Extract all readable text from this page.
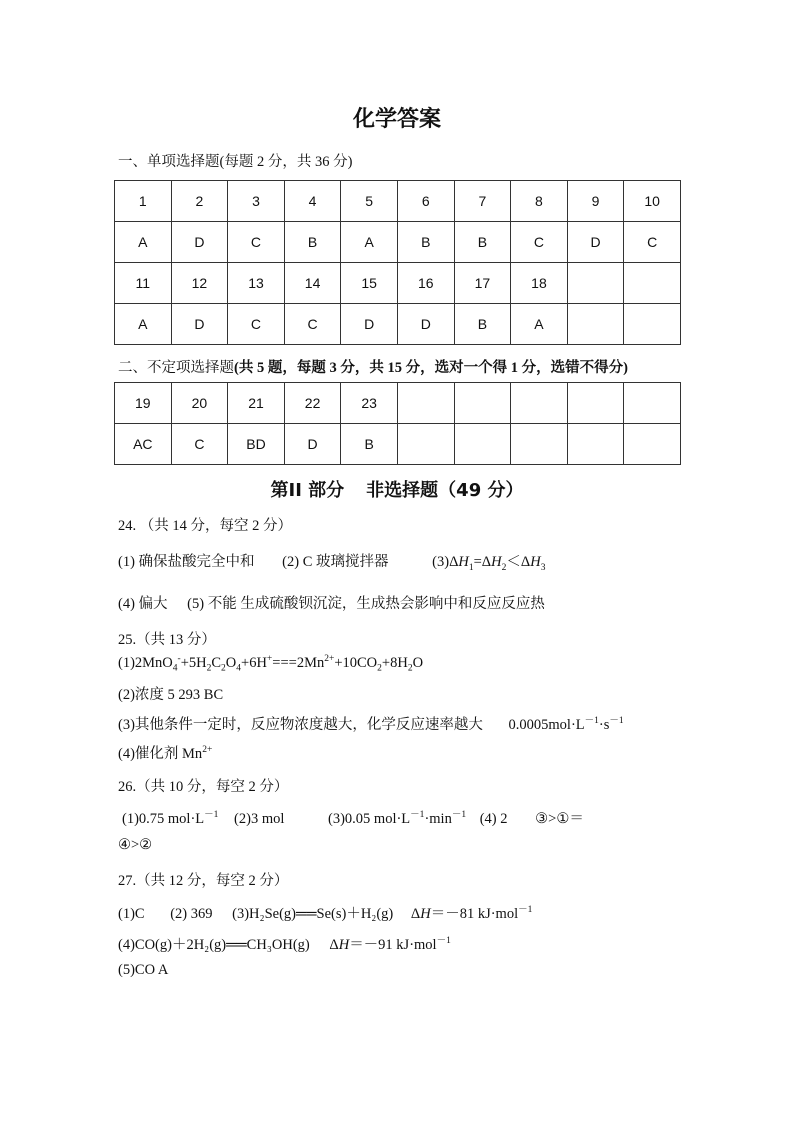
化学答案
一、单项选择题(每题 2 分，共 36 分)
1	2	3	4	5	6	7	8	9	10
A	D	C	B	A	B	B	C	D	C
11	12	13	14	15	16	17	18		
A	D	C	C	D	D	B	A		
二、不定项选择题(共 5 题，每题 3 分，共 15 分，选对一个得 1 分，选错不得分)
19	20	21	22	23					
AC	C	BD	D	B					
第II 部分 非选择题（49 分）
24. （共 14 分，每空 2 分）
(1) 确保盐酸完全中和 (2) C 玻璃搅拌器	$(3)\Delta H_1=\Delta H_2<\Delta H_3$
(4) 偏大 (5) 不能 生成硫酸钡沉淀，生成热会影响中和反应反应热
25.（共 13 分）
$(1)2MnO_4^-+5H_2C_2O_4+6H^+===2Mn^{2+}+10CO_2+8H_2O$
(2)浓度 5 293 BC
(3)其他条件一定时，反应物浓度越大，化学反应速率越大 $0.0005mol\cdot L^{-1}\cdot s^{-1}$
(4)催化剂 $Mn^{2+}$
26.（共 10 分，每空 2 分）
(1)0.75 $mol\cdot L^{-1}$ (2)3 mol	(3)0.05 $mol\cdot L^{-1}\cdot\min^{-1}$ (4) 2 ③>①＝
④>②
27.（共 12 分，每空 2 分）
(1)C (2) 369 (3)H₂Se(g)══Se(s)＋H₂(g) ΔH＝－81 kJ·mol$^{-1}$
(4)CO(g)＋2H₂(g)══CH₃OH(g) ΔH＝－91 kJ·mol$^{-1}$
(5)CO A
